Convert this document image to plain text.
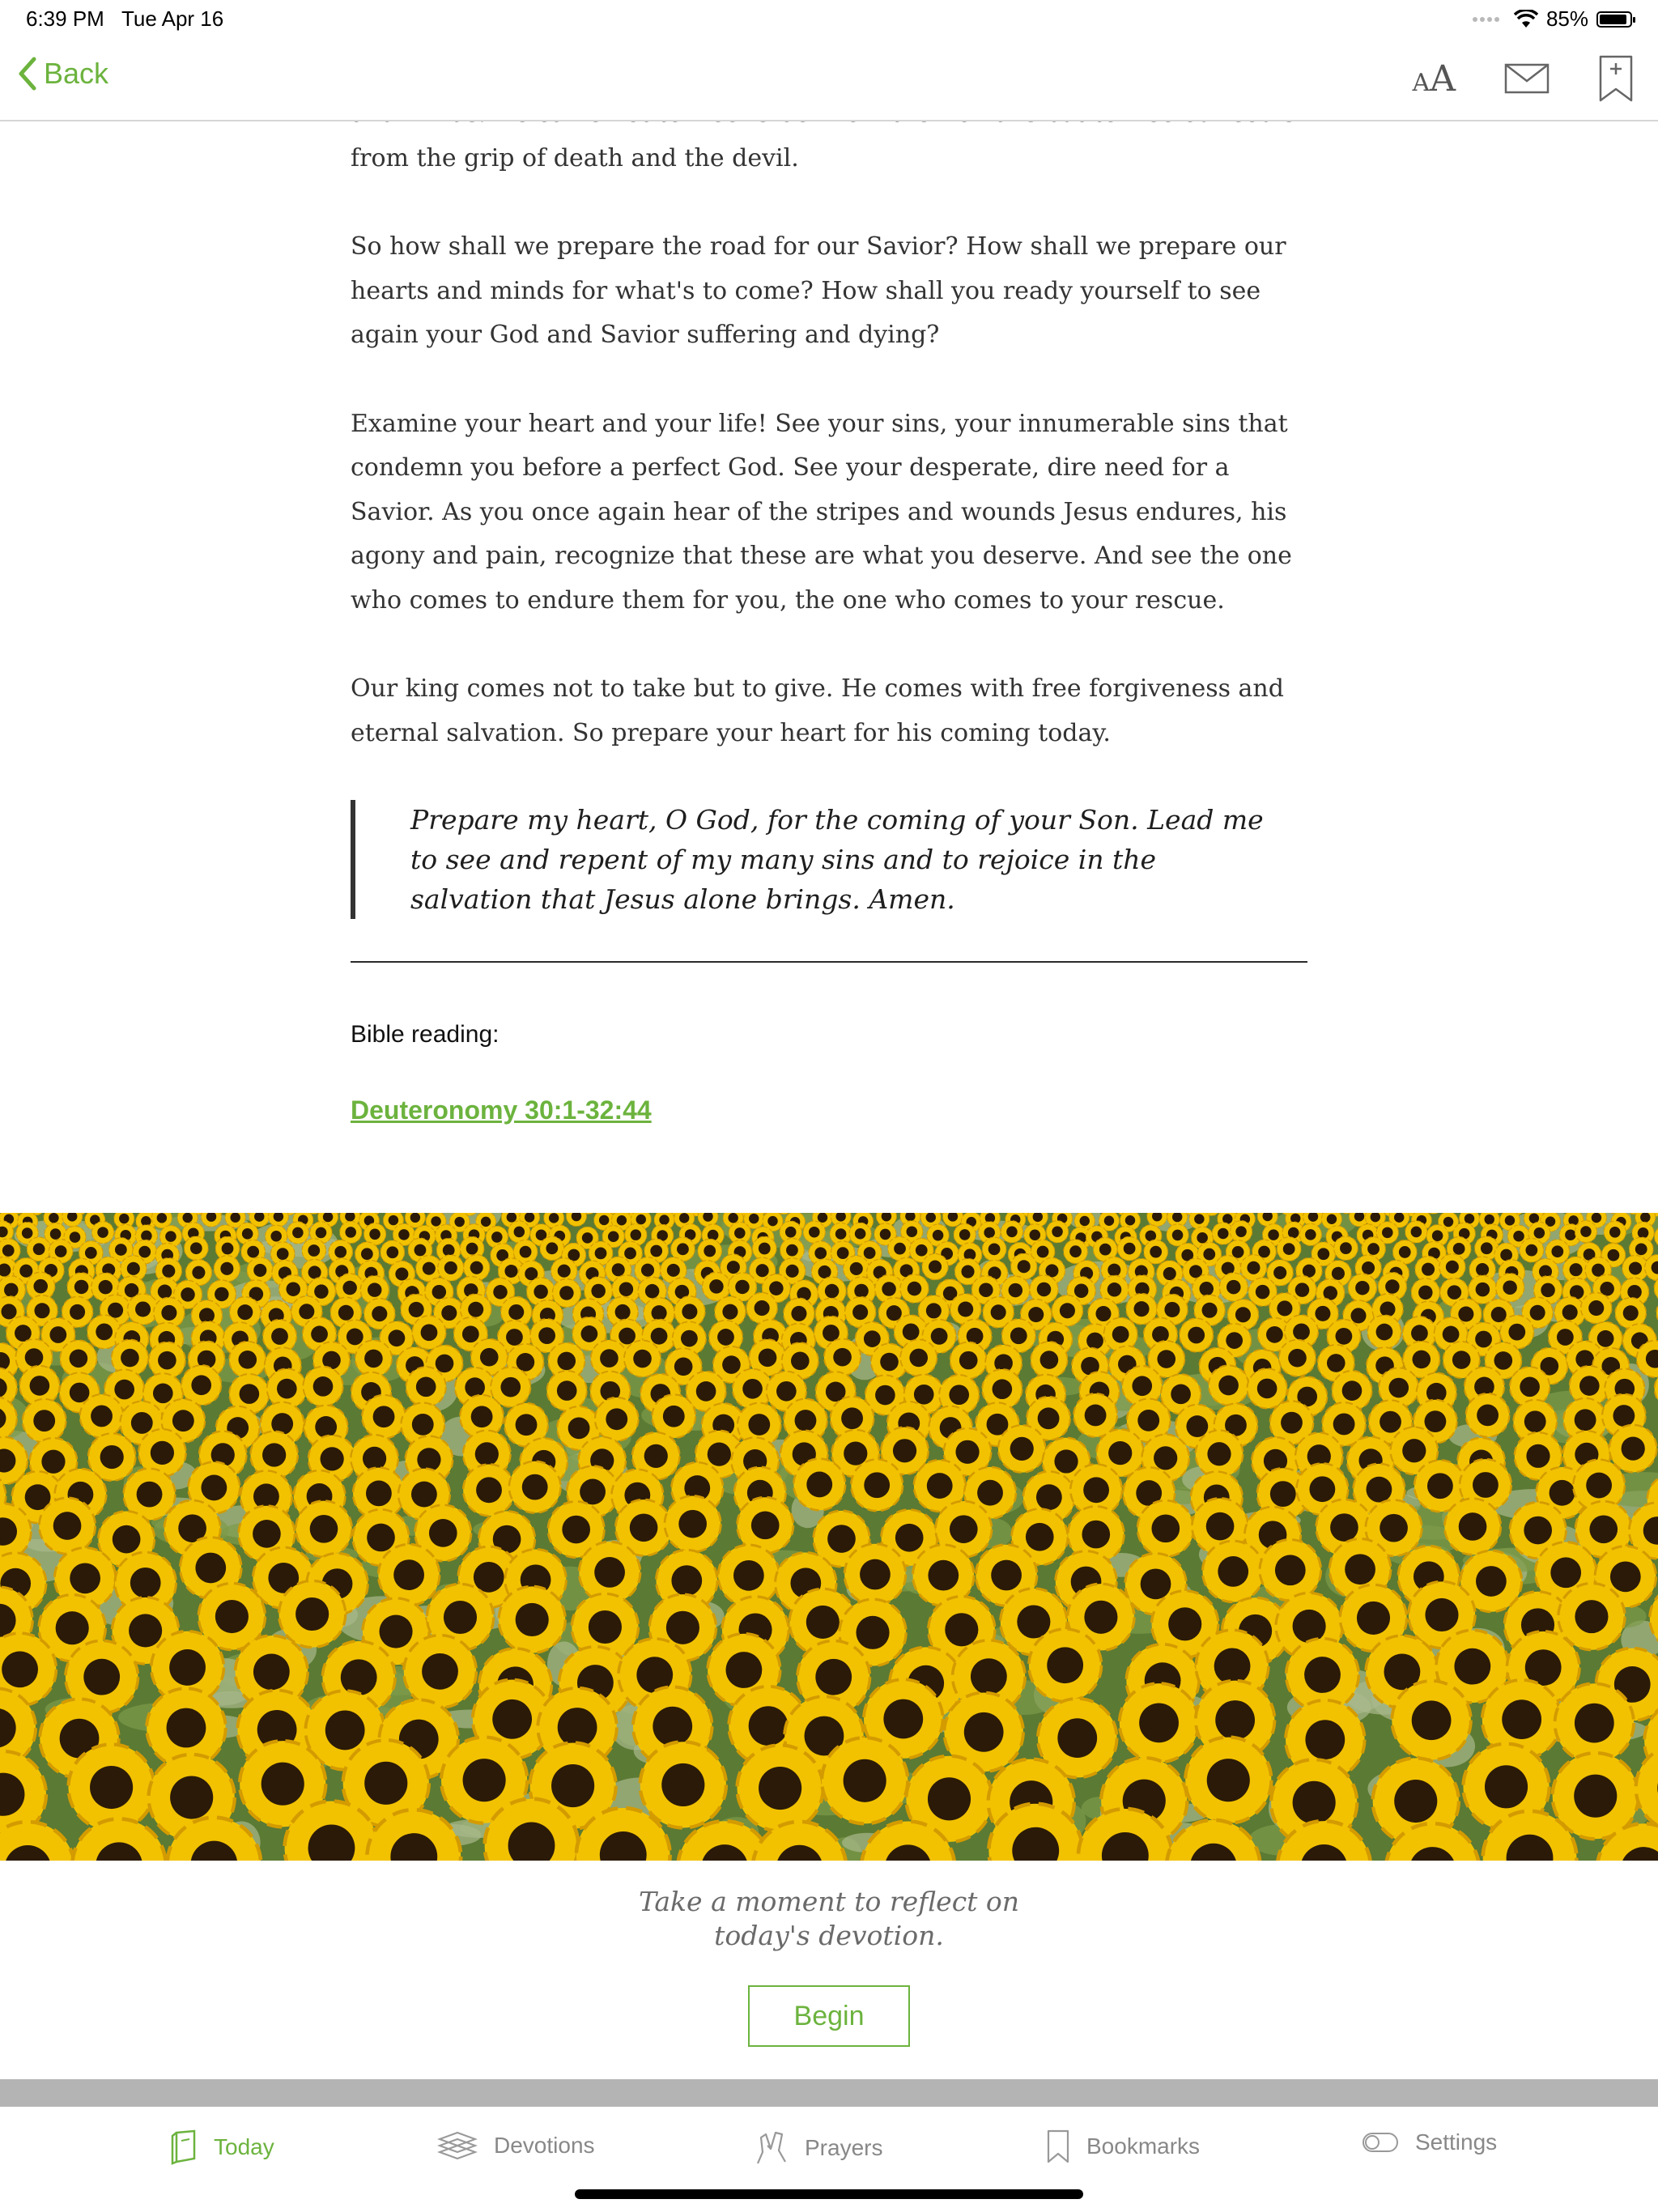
6:39 PM Tue Apr 16	85%
Back	AA

from the grip of death and the devil.

So how shall we prepare the road for our Savior? How shall we prepare our hearts and minds for what's to come? How shall you ready yourself to see again your God and Savior suffering and dying?

Examine your heart and your life! See your sins, your innumerable sins that condemn you before a perfect God. See your desperate, dire need for a Savior. As you once again hear of the stripes and wounds Jesus endures, his agony and pain, recognize that these are what you deserve. And see the one who comes to endure them for you, the one who comes to your rescue.

Our king comes not to take but to give. He comes with free forgiveness and eternal salvation. So prepare your heart for his coming today.

Prepare my heart, O God, for the coming of your Son. Lead me to see and repent of my many sins and to rejoice in the salvation that Jesus alone brings. Amen.
Bible reading:
Deuteronomy 30:1-32:44
Take a moment to reflect on
today's devotion.
Begin
Today	Devotions	Prayers	Bookmarks	Settings
